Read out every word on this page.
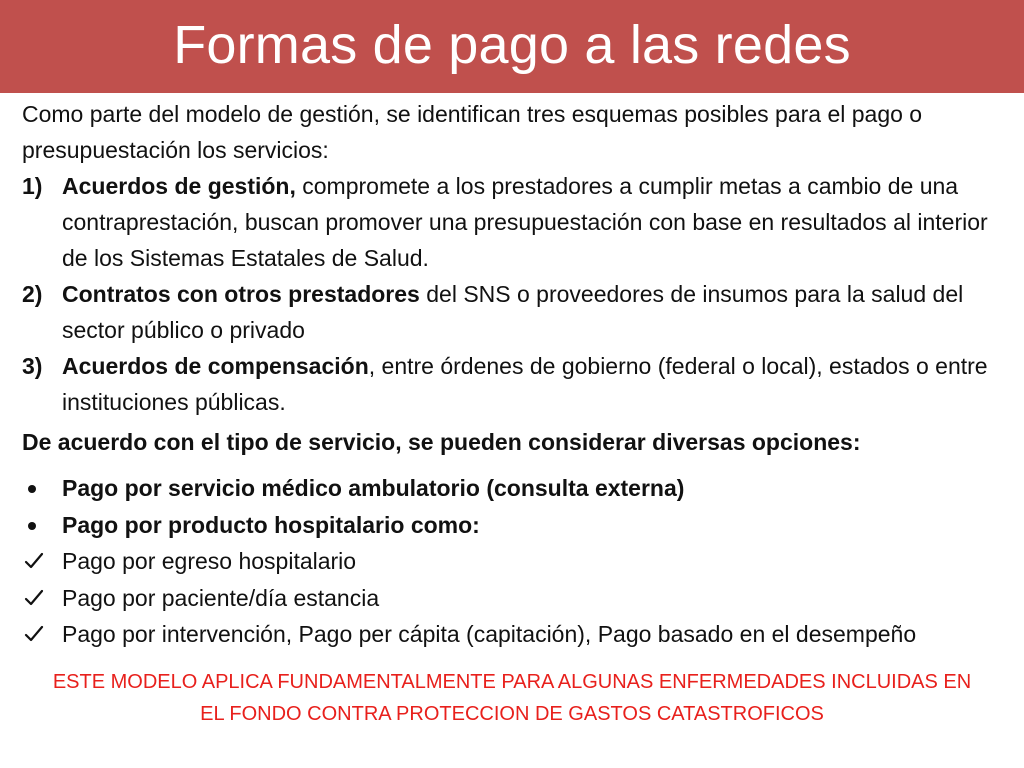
Formas de pago a las redes
Como parte del modelo de gestión, se identifican tres esquemas posibles para el pago o presupuestación los servicios:
1) Acuerdos de gestión, compromete a los prestadores a cumplir metas a cambio de una contraprestación, buscan promover una presupuestación con base en resultados al interior de los Sistemas Estatales de Salud.
2) Contratos con otros prestadores del SNS o proveedores de insumos para la salud del sector público o privado
3) Acuerdos de compensación, entre órdenes de gobierno (federal o local), estados o entre instituciones públicas.
De acuerdo con el tipo de servicio, se pueden considerar diversas opciones:
Pago por servicio médico ambulatorio (consulta externa)
Pago por producto hospitalario como:
Pago por egreso hospitalario
Pago por paciente/día estancia
Pago por intervención, Pago per cápita (capitación), Pago basado en el desempeño
ESTE MODELO APLICA FUNDAMENTALMENTE PARA ALGUNAS ENFERMEDADES INCLUIDAS EN
EL FONDO CONTRA PROTECCION DE GASTOS CATASTROFICOS
